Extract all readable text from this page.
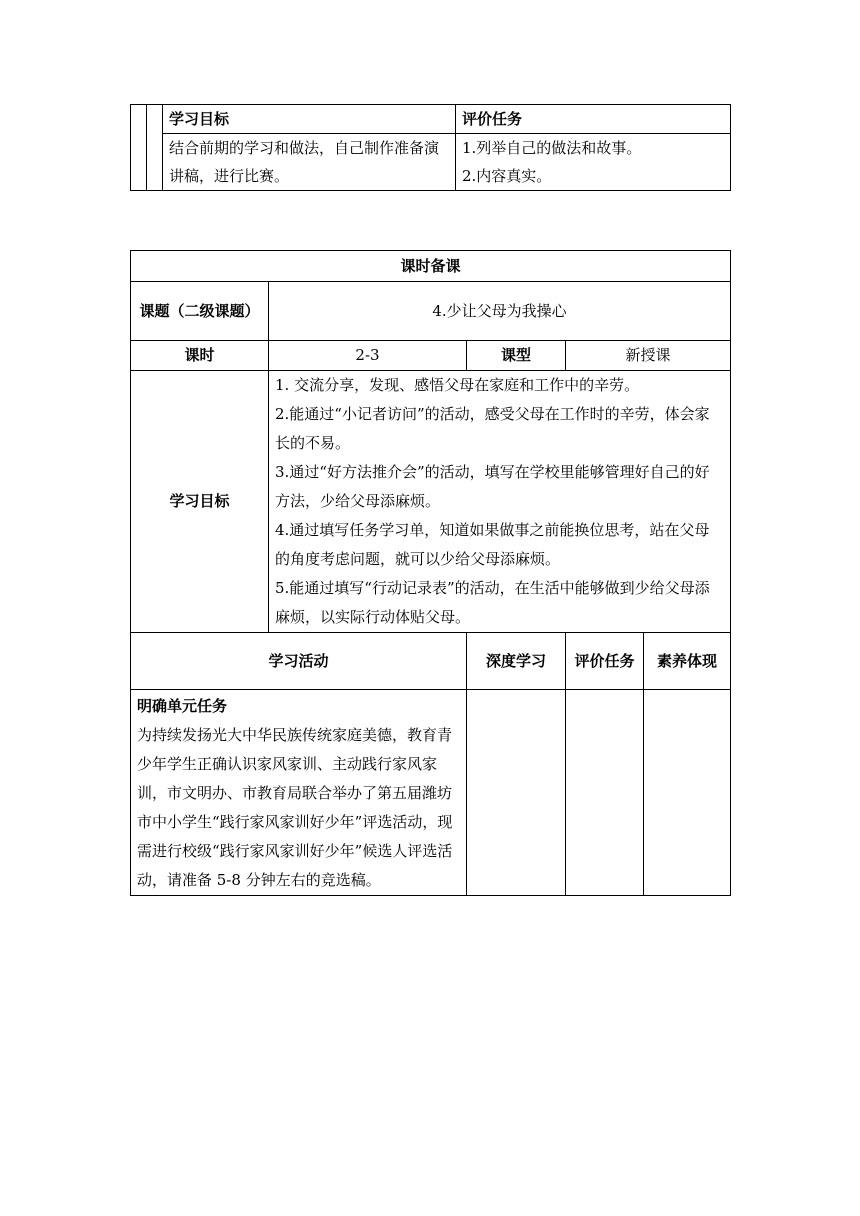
		学习目标	评价任务
		结合前期的学习和做法，自己制作准备演讲稿，进行比赛。	1.列举自己的做法和故事。
2.内容真实。
课时备课				
课题（二级课题）	4.少让父母为我操心			
课时	2-3	课型	新授课	
学习目标	1. 交流分享，发现、感悟父母在家庭和工作中的辛劳。
2.能通过“小记者访问”的活动，感受父母在工作时的辛劳，体会家长的不易。
3.通过“好方法推介会”的活动，填写在学校里能够管理好自己的好方法，少给父母添麻烦。
4.通过填写任务学习单，知道如果做事之前能换位思考，站在父母的角度考虑问题，就可以少给父母添麻烦。
5.能通过填写“行动记录表”的活动，在生活中能够做到少给父母添麻烦，以实际行动体贴父母。			

学习活动		深度学习	评价任务	素养体现

明确单元任务
为持续发扬光大中华民族传统家庭美德，教育青少年学生正确认识家风家训、主动践行家风家训，市文明办、市教育局联合举办了第五届潍坊市中小学生“践行家风家训好少年”评选活动，现需进行校级“践行家风家训好少年”候选人评选活动，请准备 5-8 分钟左右的竞选稿。				
